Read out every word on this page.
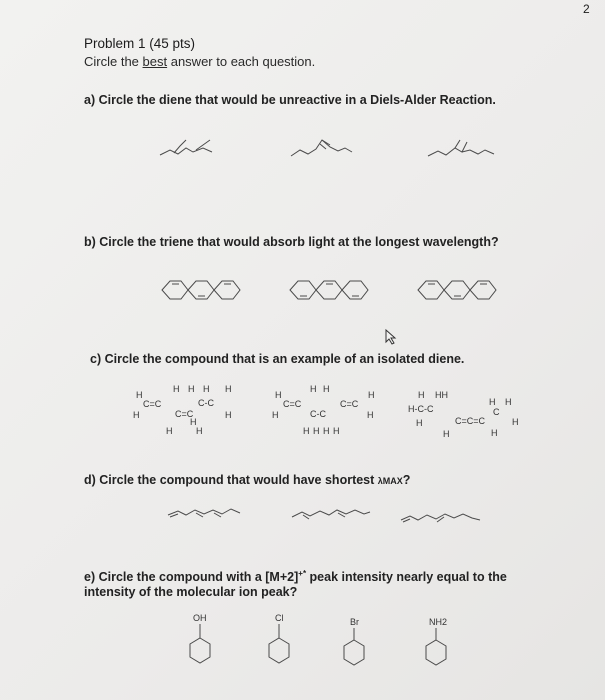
2
Problem 1 (45 pts)
Circle the best answer to each question.
a) Circle the diene that would be unreactive in a Diels-Alder Reaction.
b) Circle the triene that would absorb light at the longest wavelength?
c) Circle the compound that is an example of an isolated diene.
d) Circle the compound that would have shortest λMAX?
e) Circle the compound with a [M+2]+* peak intensity nearly equal to the intensity of the molecular ion peak?
H
H H H H
C=C	C-C
H	H
C=C
H
H	H
H
H H
H
C=C	C=C
H	H
C-C
H H H H
H HH
H H
H-C-C	C
H	C=C=C	H
H	H
OH	Cl	Br	NH2
